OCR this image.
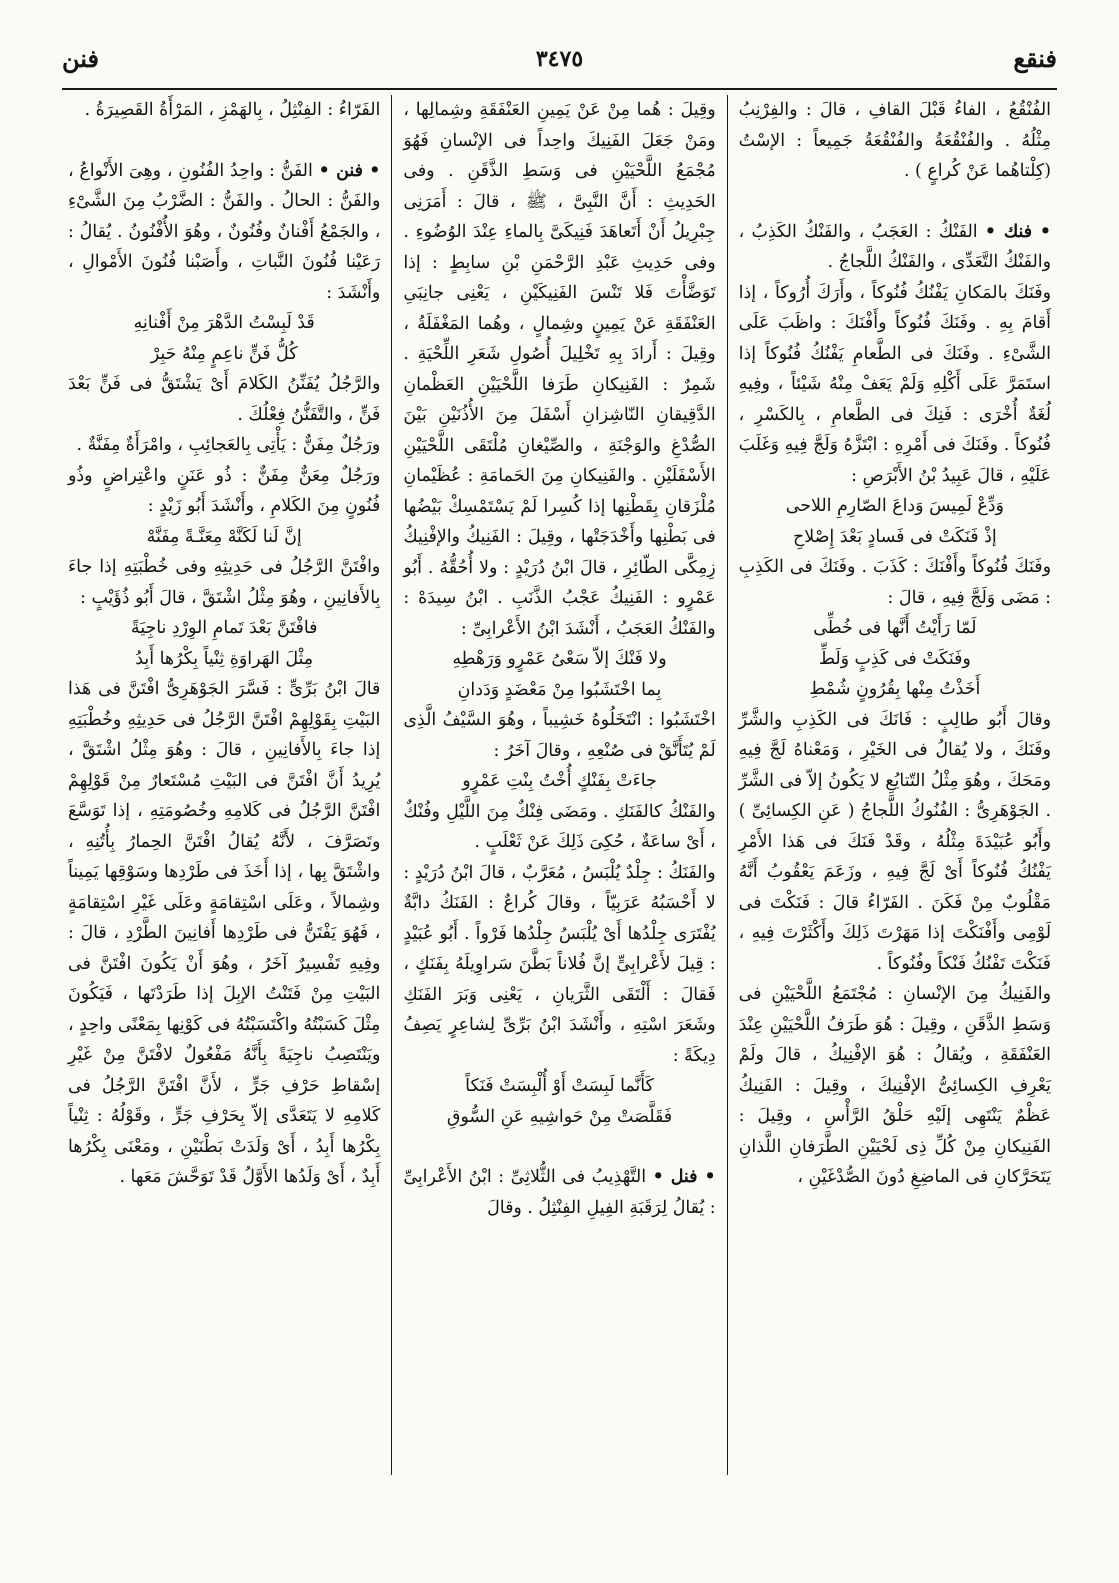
فنقع
٣٤٧٥
فنن

الفُنْقُعُ ، الفاءُ قَبْلَ القافِ ، قالَ : والفِرْنِبُ مِثْلُهُ . والفُنْقُعَةُ والفُنْقُعَةُ جَمِيعاً : الإسْتُ (كِلْتاهُما عَنْ كُراعٍ ) .

• فنك • الفَنْكُ : العَجَبُ ، والفَنْكُ الكَذِبُ ، والفَنْكُ التَّعَدِّى ، والفَنْكُ اللَّجاجُ .

وفَنَكَ بالمَكانِ يَفْنُكُ فُنُوكاً ، وأَرَكَ أُرُوكاً ، إذا أَقامَ بِهِ . وفَنَكَ فُنُوكاً وأَفْنَكَ : واظَبَ عَلَى الشَّىْءِ . وفَنَكَ فى الطَّعامِ يَفْنُكُ فُنُوكاً إذا استَمَرَّ عَلَى أَكْلِهِ وَلَمْ يَعَفْ مِنْهُ شَيْئاً ، وفِيهِ لُغَةٌ أُخْرَى : فَنِكَ فى الطَّعامِ ، بِالكَسْرِ ، فُنُوكاً . وفَنَكَ فى أَمْرِهِ : ابْتَزَّهُ وَلَجَّ فِيهِ وَغَلَبَ عَلَيْهِ ، قالَ عَبِيدُ بْنُ الأَبْرَصِ :

وَدِّعْ لَمِيسَ وَداعَ الصّارِمِ اللاحى

إذْ فَنَكَتْ فى فَسادٍ بَعْدَ إِصْلاحِ

وفَنَكَ فُنُوكاً وأَفْنَكَ : كَذَبَ . وفَنَكَ فى الكَذِبِ : مَضَى وَلَجَّ فِيهِ ، قالَ :

لَمّا رَأَيْتُ أَنَّها فى خُطِّى

وفَنَكَتْ فى كَذِبٍ وَلَطِّ

أَخَذْتُ مِنْها بِقُرُونٍ شُمْطِ

وقالَ أَبُو طالِبٍ : فَانَكَ فى الكَذِبِ والشَّرِّ وفَنَكَ ، ولا يُقالُ فى الخَيْرِ ، وَمَعْناهُ لَجَّ فِيهِ ومَحَكَ ، وهُوَ مِثْلُ التّتايُعِ لا يَكُونُ إلاّ فى الشَّرِّ . الجَوْهَرِىُّ : الفُنُوكُ اللَّجاجُ ( عَنِ الكِسائِىِّ ) وأَبُو عُبَيْدَةَ مِثْلُهُ ، وقَدْ فَنَكَ فى هَذا الأَمْرِ يَفْنُكُ فُنُوكاً أَىْ لَجَّ فِيهِ ، وزَعَمَ يَعْقُوبُ أَنَّهُ مَقْلُوبٌ مِنْ فَكَنَ . الفَرّاءُ قالَ : فَنَكْتَ فى لَوْمِى وأَفْنَكْتَ إذا مَهَرْتَ ذَلِكَ وأَكْثَرْتَ فِيهِ ، فَنَكْتَ تَفْنُكُ فَنْكاً وفُنُوكاً .

والفَنِيكُ مِنَ الإنْسانِ : مُجْتَمَعُ اللَّحْيَيْنِ فى وَسَطِ الذَّقَنِ ، وقِيلَ : هُوَ طَرَفُ اللَّحْيَيْنِ عِنْدَ العَنْفَقَةِ ، ويُقالُ : هُوَ الإفْنِيكُ ، قالَ ولَمْ يَعْرِفِ الكِسائِىُّ الإفْنِيكَ ، وقِيلَ : الفَنِيكُ عَظْمٌ يَنْتَهِى إلَيْهِ حَلْقُ الرَّأْسِ ، وقِيلَ : الفَنِيكانِ مِنْ كُلِّ ذِى لَحْيَيْنِ الطَّرَفانِ اللَّذانِ يَتَحَرَّكانِ فى الماضِغِ دُونَ الصُّدْغَيْنِ ،

وقِيلَ : هُما مِنْ عَنْ يَمِينِ العَنْفَقَةِ وشِمالِها ، ومَنْ جَعَلَ الفَنِيكَ واحِداً فى الإنْسانِ فَهُوَ مُجْمَعُ اللَّحْيَيْنِ فى وَسَطِ الذَّقَنِ . وفى الحَدِيثِ : أَنَّ النَّبِىَّ ، ﷺ ، قالَ : أَمَرَنِى جِبْرِيلُ أَنْ أَتَعاهَدَ فَنِيكَىَّ بِالماءِ عِنْدَ الوُضُوءِ . وفى حَدِيثِ عَبْدِ الرَّحْمَنِ بْنِ سابِطٍ : إذا تَوَضَّأْتَ فَلا تَنْسَ الفَنِيكَيْنِ ، يَعْنِى جانِبَىِ العَنْفَقَةِ عَنْ يَمِينٍ وشِمالٍ ، وهُما المَغْفَلَةُ ، وقِيلَ : أَرادَ بِهِ تَخْلِيلَ أُصُولِ شَعَرِ اللِّحْيَةِ . شَمِرٌ : الفَنِيكانِ طَرَفا اللَّحْيَيْنِ العَظْمانِ الدَّقِيقانِ النّاشِزانِ أَسْفَلَ مِنَ الأُذُنَيْنِ بَيْنَ الصُّدْغِ والوَجْنَةِ ، والصِّيْغانِ مُلْتَقَى اللَّحْيَيْنِ الأَسْفَلَيْنِ . والفَنِيكانِ مِنَ الحَمامَةِ : عُظَيْمانِ مُلْزَقانِ بِقَطْنِها إذا كُسِرا لَمْ يَسْتَمْسِكْ بَيْضُها فى بَطْنِها وأَخْدَجَتْها ، وقِيلَ : الفَنِيكُ والإفْنِيكُ زِمِكَّى الطّائِرِ ، قالَ ابْنُ دُرَيْدٍ : ولا أُحُقُّهُ . أَبُو عَمْرٍو : الفَنِيكُ عَجْبُ الذَّنَبِ . ابْنُ سِيدَهْ : والفَنْكُ العَجَبُ ، أَنْشَدَ ابْنُ الأَعْرابِىِّ :

ولا فَنْكَ إلاّ سَعْىُ عَمْرٍو وَرَهْطِهِ

بِما اخْتَشَبُوا مِنْ مَعْضَدٍ وَدَدانِ

اخْتَشَبُوا : انْتَخَلُوهُ خَشِيباً ، وهُوَ السَّيْفُ الَّذِى لَمْ يُتَأَنَّقْ فى صُنْعِهِ ، وقالَ آخَرُ :

جاءَتْ بِفَنْكٍ أُخْتُ بِنْتِ عَمْرٍو

والفَنْكُ كالفَنَكِ . ومَضَى فِنْكٌ مِنَ اللَّيْلِ وفُنْكٌ ، أَىْ ساعَةٌ ، حُكِىَ ذَلِكَ عَنْ ثَعْلَبٍ .

والفَنَكُ : جِلْدٌ يُلْبَسُ ، مُعَرَّبٌ ، قالَ ابْنُ دُرَيْدٍ : لا أَحْسَبُهُ عَرَبِيّاً ، وقالَ كُراعٌ : الفَنَكُ دابَّةٌ يُفْتَرَى جِلْدُها أَىْ يُلْبَسُ جِلْدُها فَرْواً . أَبُو عُبَيْدٍ : قِيلَ لأَعْرابِىٍّ إنَّ فُلاناً بَطَّنَ سَراوِيلَهُ بِفَنَكٍ ، فَقالَ : أَلْتَقَى الثَّرَيانِ ، يَعْنِى وَبَرَ الفَنَكِ وشَعَرَ اسْتِهِ ، وأَنْشَدَ ابْنُ بَرِّىِّ لِشاعِرٍ يَصِفُ دِيكَةً :

كَأَنَّما لَبِسَتْ أَوْ أُلْبِسَتْ فَنَكاً

فَقَلَّصَتْ مِنْ حَواشِيهِ عَنِ السُّوقِ

• فنل • التَّهْذِيبُ فى الثُّلاثِىِّ : ابْنُ الأَعْرابِىِّ : يُقالُ لِرَقَبَةِ الفِيلِ الفِنْثِلُ . وقالَ

الفَرّاءُ : الفِنْثِلُ ، بِالهَمْزِ ، المَرْأَةُ القَصِيرَةُ .

• فنن • الفَنُّ : واحِدُ الفُنُونِ ، وهِىَ الأَنْواعُ ، والفَنُّ : الحالُ . والفَنُّ : الضَّرْبُ مِنَ الشَّىْءِ ، والجَمْعُ أَفْنانٌ وفُنُونٌ ، وهُوَ الأُفْنُونُ . يُقالُ : رَعَيْنا فُنُونَ النَّباتِ ، وأَصَبْنا فُنُونَ الأَمْوالِ ، وأَنْشَدَ :

قَدْ لَبِسْتُ الدَّهْرَ مِنْ أَفْنانِهِ

كُلُّ فَنٍّ ناعِمٍ مِنْهُ حَبِرْ

والرَّجُلُ يُفَنِّنُ الكَلامَ أَىْ يَشْتَقُّ فى فَنٍّ بَعْدَ فَنٍّ ، والتَّفَنُّنُ فِعْلُكَ .

ورَجُلٌ مِفَنٌّ : يَأْتِى بِالعَجائِبِ ، وامْرَأَةٌ مِفَنَّةٌ .

ورَجُلٌ مِعَنٌّ مِفَنٌّ : ذُو عَنَنٍ واعْتِراضٍ وذُو فُنُونٍ مِنَ الكَلامِ ، وأَنْشَدَ أَبُو زَيْدٍ :

إنَّ لَنا لَكَنَّهْ مِعَنَّـةً مِفَنَّهْ

وافْتَنَّ الرَّجُلُ فى حَدِيثِهِ وفى خُطْبَتِهِ إذا جاءَ بِالأَفانِينِ ، وهُوَ مِثْلُ اشْتَقَّ ، قالَ أَبُو ذُؤَيْبٍ :

فافْتَنَّ بَعْدَ تَمامِ الوِرْدِ ناجِيَةً

مِثْلَ الهَراوَةِ ثِنْياً بِكْرُها أَبِدُ

قالَ ابْنُ بَرِّىٍّ : فَسَّرَ الجَوْهَرِىُّ افْتَنَّ فى هَذا البَيْتِ بِقَوْلِهِمْ افْتَنَّ الرَّجُلُ فى حَدِيثِهِ وخُطْبَتِهِ إذا جاءَ بِالأَفانِينِ ، قالَ : وهُوَ مِثْلُ اشْتَقَّ ، يُرِيدُ أَنَّ افْتَنَّ فى البَيْتِ مُسْتَعارٌ مِنْ قَوْلِهِمْ افْتَنَّ الرَّجُلُ فى كَلامِهِ وخُصُومَتِهِ ، إذا تَوَسَّعَ وتَصَرَّفَ ، لأَنَّهُ يُقالُ افْتَنَّ الحِمارُ بِأُتُنِهِ ، واشْتَقَّ بِها ، إذا أَخَذَ فى طَرْدِها وسَوْقِها يَمِيناً وشِمالاً ، وعَلَى اسْتِقامَةٍ وعَلَى غَيْرِ اسْتِقامَةٍ ، فَهُوَ يَفْتَنُّ فى طَرْدِها أَفانِينَ الطَّرْدِ ، قالَ : وفِيهِ تَفْسِيرٌ آخَرُ ، وهُوَ أَنْ يَكُونَ افْتَنَّ فى البَيْتِ مِنْ فَتَنْتُ الإبِلَ إذا طَرَدْتَها ، فَيَكُونَ مِثْلَ كَسَبْتُهُ واكْتَسَبْتُهُ فى كَوْنِها بِمَعْنًى واحِدٍ ، ويَنْتَصِبُ ناجِيَةً بِأَنَّهُ مَفْعُولٌ لافْتَنَّ مِنْ غَيْرِ إسْقاطِ حَرْفِ جَرٍّ ، لأَنَّ افْتَنَّ الرَّجُلُ فى كَلامِهِ لا يَتَعَدَّى إلاّ بِحَرْفِ جَرٍّ ، وقَوْلُهُ : ثِنْياً بِكْرُها أَبِدُ ، أَىْ وَلَدَتْ بَطْنَيْنِ ، ومَعْنَى بِكْرُها أَبِدٌ ، أَىْ وَلَدُها الأَوَّلُ قَدْ تَوَحَّشَ مَعَها .
